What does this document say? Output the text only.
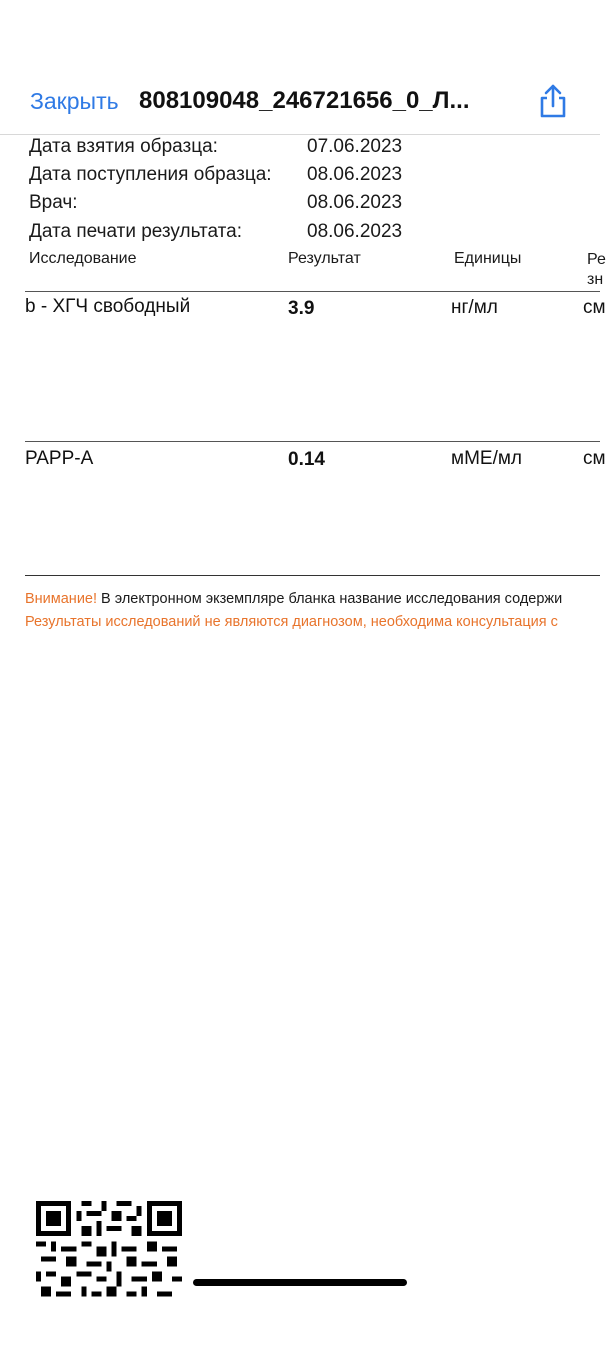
Закрыть 808109048_246721656_0_Л...
Дата взятия образца:	07.06.2023
Дата поступления образца: 08.06.2023
Врач:	08.06.2023
Дата печати результата:	08.06.2023
Исследование	Результат	Единицы	Ре
зн
b - ХГЧ свободный	3.9	нг/мл	см
PAPP-A	0.14	мМЕ/мл	см
Внимание! В электронном экземпляре бланка название исследования содержи
Результаты исследований не являются диагнозом, необходима консультация с
